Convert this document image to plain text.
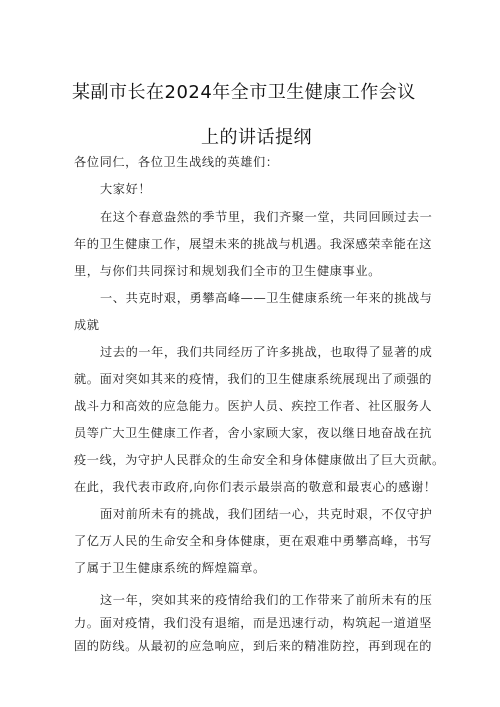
某副市长在2024年全市卫生健康工作会议
上的讲话提纲
各位同仁，各位卫生战线的英雄们：
大家好！
在这个春意盎然的季节里，我们齐聚一堂，共同回顾过去一
年的卫生健康工作，展望未来的挑战与机遇。我深感荣幸能在这
里，与你们共同探讨和规划我们全市的卫生健康事业。
一、共克时艰，勇攀高峰——卫生健康系统一年来的挑战与
成就
过去的一年，我们共同经历了许多挑战，也取得了显著的成
就。面对突如其来的疫情，我们的卫生健康系统展现出了顽强的
战斗力和高效的应急能力。医护人员、疾控工作者、社区服务人
员等广大卫生健康工作者，舍小家顾大家，夜以继日地奋战在抗
疫一线，为守护人民群众的生命安全和身体健康做出了巨大贡献。
在此，我代表市政府,向你们表示最崇高的敬意和最衷心的感谢！
面对前所未有的挑战，我们团结一心，共克时艰，不仅守护
了亿万人民的生命安全和身体健康，更在艰难中勇攀高峰，书写
了属于卫生健康系统的辉煌篇章。
这一年，突如其来的疫情给我们的工作带来了前所未有的压
力。面对疫情，我们没有退缩，而是迅速行动，构筑起一道道坚
固的防线。从最初的应急响应，到后来的精准防控，再到现在的
